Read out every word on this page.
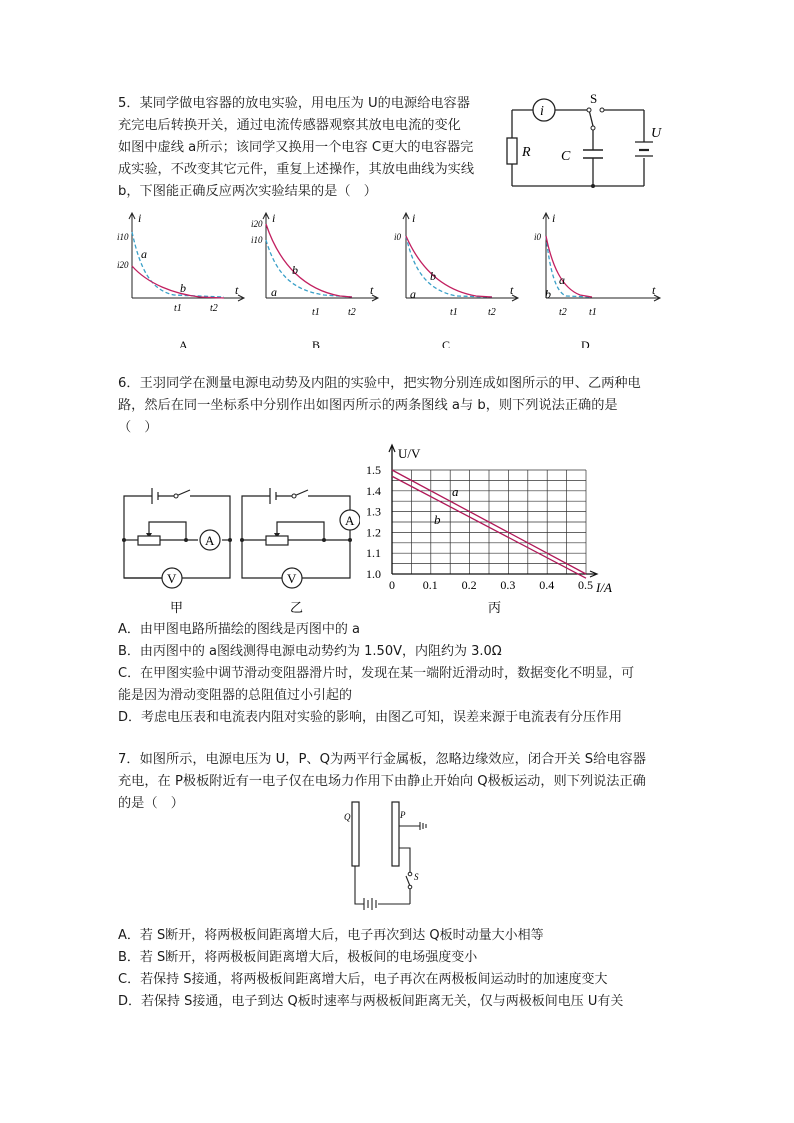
5．某同学做电容器的放电实验，用电压为 U的电源给电容器
充完电后转换开关，通过电流传感器观察其放电电流的变化
如图中虚线 a所示；该同学又换用一个电容 C更大的电容器完
成实验，不改变其它元件，重复上述操作，其放电曲线为实线
b，下图能正确反应两次实验结果的是（　）
i
S
R C
U
i
t
i10
i20
a
b
t1	t2
A
i
t
i20
i10
b
a
t1	t2
B
i
t
i0
b
a
t1	t2
C
i
t
i0
a
b
t2 t1
D
6．王羽同学在测量电源电动势及内阻的实验中，把实物分别连成如图所示的甲、乙两种电
路，然后在同一坐标系中分别作出如图丙所示的两条图线 a与 b，则下列说法正确的是
（　）
A
V
甲
A
V
乙
0 0.1 0.2 0.3 0.4 0.5
1.0
1.1
1.2
1.3
1.4
1.5
U/V
I/A
a
b
丙
A．由甲图电路所描绘的图线是丙图中的 a
B．由丙图中的 a图线测得电源电动势约为 1.50V，内阻约为 3.0Ω
C．在甲图实验中调节滑动变阻器滑片时，发现在某一端附近滑动时，数据变化不明显，可
能是因为滑动变阻器的总阻值过小引起的
D．考虑电压表和电流表内阻对实验的影响，由图乙可知，误差来源于电流表有分压作用
7．如图所示，电源电压为 U，P、Q为两平行金属板，忽略边缘效应，闭合开关 S给电容器
充电，在 P极板附近有一电子仅在电场力作用下由静止开始向 Q极板运动，则下列说法正确
的是（　）
Q	P
S
A．若 S断开，将两极板间距离增大后，电子再次到达 Q板时动量大小相等
B．若 S断开，将两极板间距离增大后，极板间的电场强度变小
C．若保持 S接通，将两极板间距离增大后，电子再次在两极板间运动时的加速度变大
D．若保持 S接通，电子到达 Q板时速率与两极板间距离无关，仅与两极板间电压 U有关
